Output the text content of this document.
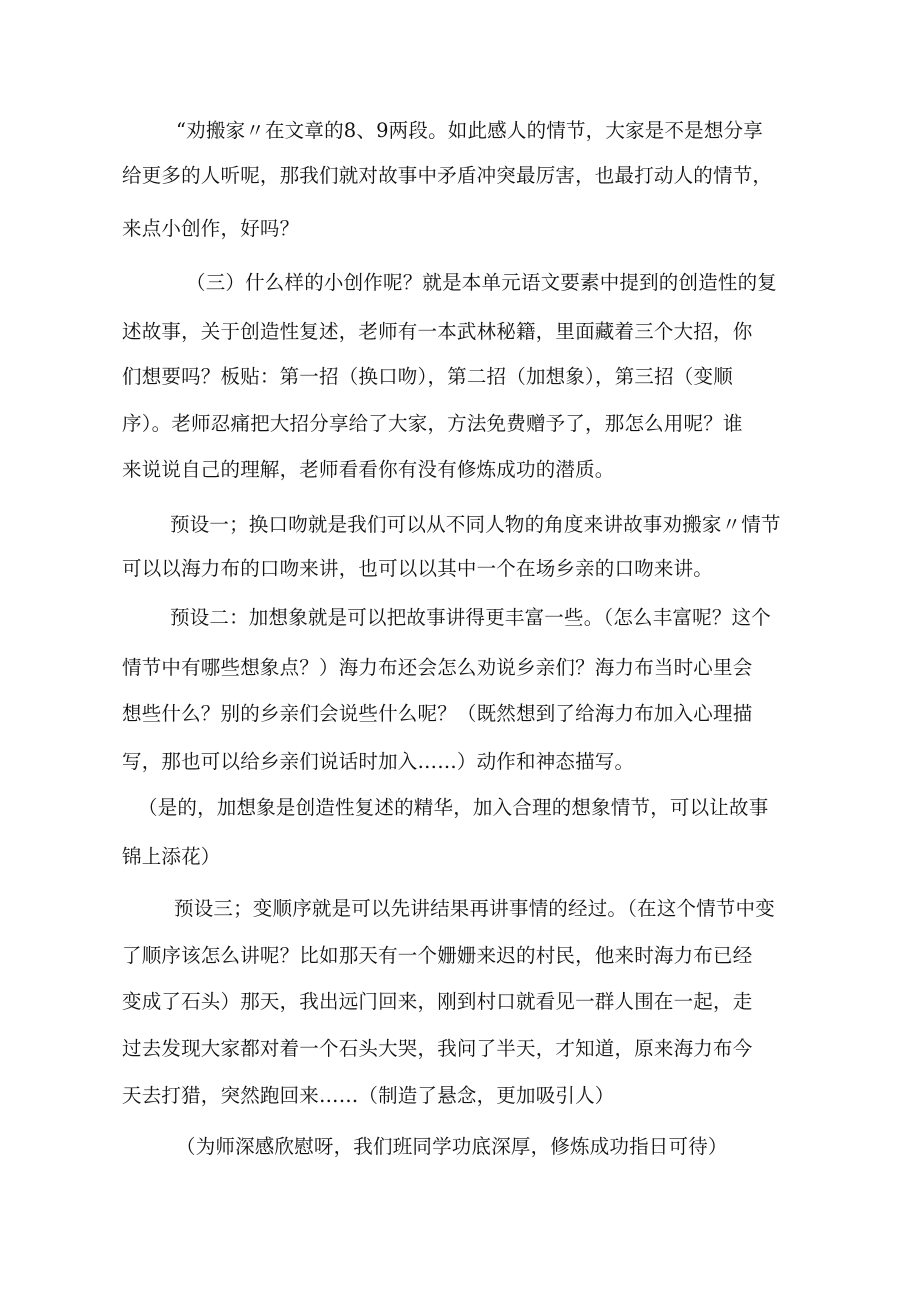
“劝搬家〃在文章的8、9两段。如此感人的情节，大家是不是想分享
给更多的人听呢，那我们就对故事中矛盾冲突最厉害，也最打动人的情节，
来点小创作，好吗？
（三）什么样的小创作呢？就是本单元语文要素中提到的创造性的复
述故事，关于创造性复述，老师有一本武林秘籍，里面藏着三个大招，你
们想要吗？板贴：第一招（换口吻），第二招（加想象），第三招（变顺
序）。老师忍痛把大招分享给了大家，方法免费赠予了，那怎么用呢？谁
来说说自己的理解，老师看看你有没有修炼成功的潜质。
预设一；换口吻就是我们可以从不同人物的角度来讲故事劝搬家〃情节
可以以海力布的口吻来讲，也可以以其中一个在场乡亲的口吻来讲。
预设二：加想象就是可以把故事讲得更丰富一些。（怎么丰富呢？这个
情节中有哪些想象点？）海力布还会怎么劝说乡亲们？海力布当时心里会
想些什么？别的乡亲们会说些什么呢？（既然想到了给海力布加入心理描
写，那也可以给乡亲们说话时加入……）动作和神态描写。
（是的，加想象是创造性复述的精华，加入合理的想象情节，可以让故事
锦上添花）
预设三；变顺序就是可以先讲结果再讲事情的经过。（在这个情节中变
了顺序该怎么讲呢？比如那天有一个姗姗来迟的村民，他来时海力布已经
变成了石头）那天，我出远门回来，刚到村口就看见一群人围在一起，走
过去发现大家都对着一个石头大哭，我问了半天，才知道，原来海力布今
天去打猎，突然跑回来……（制造了悬念，更加吸引人）
（为师深感欣慰呀，我们班同学功底深厚，修炼成功指日可待）
